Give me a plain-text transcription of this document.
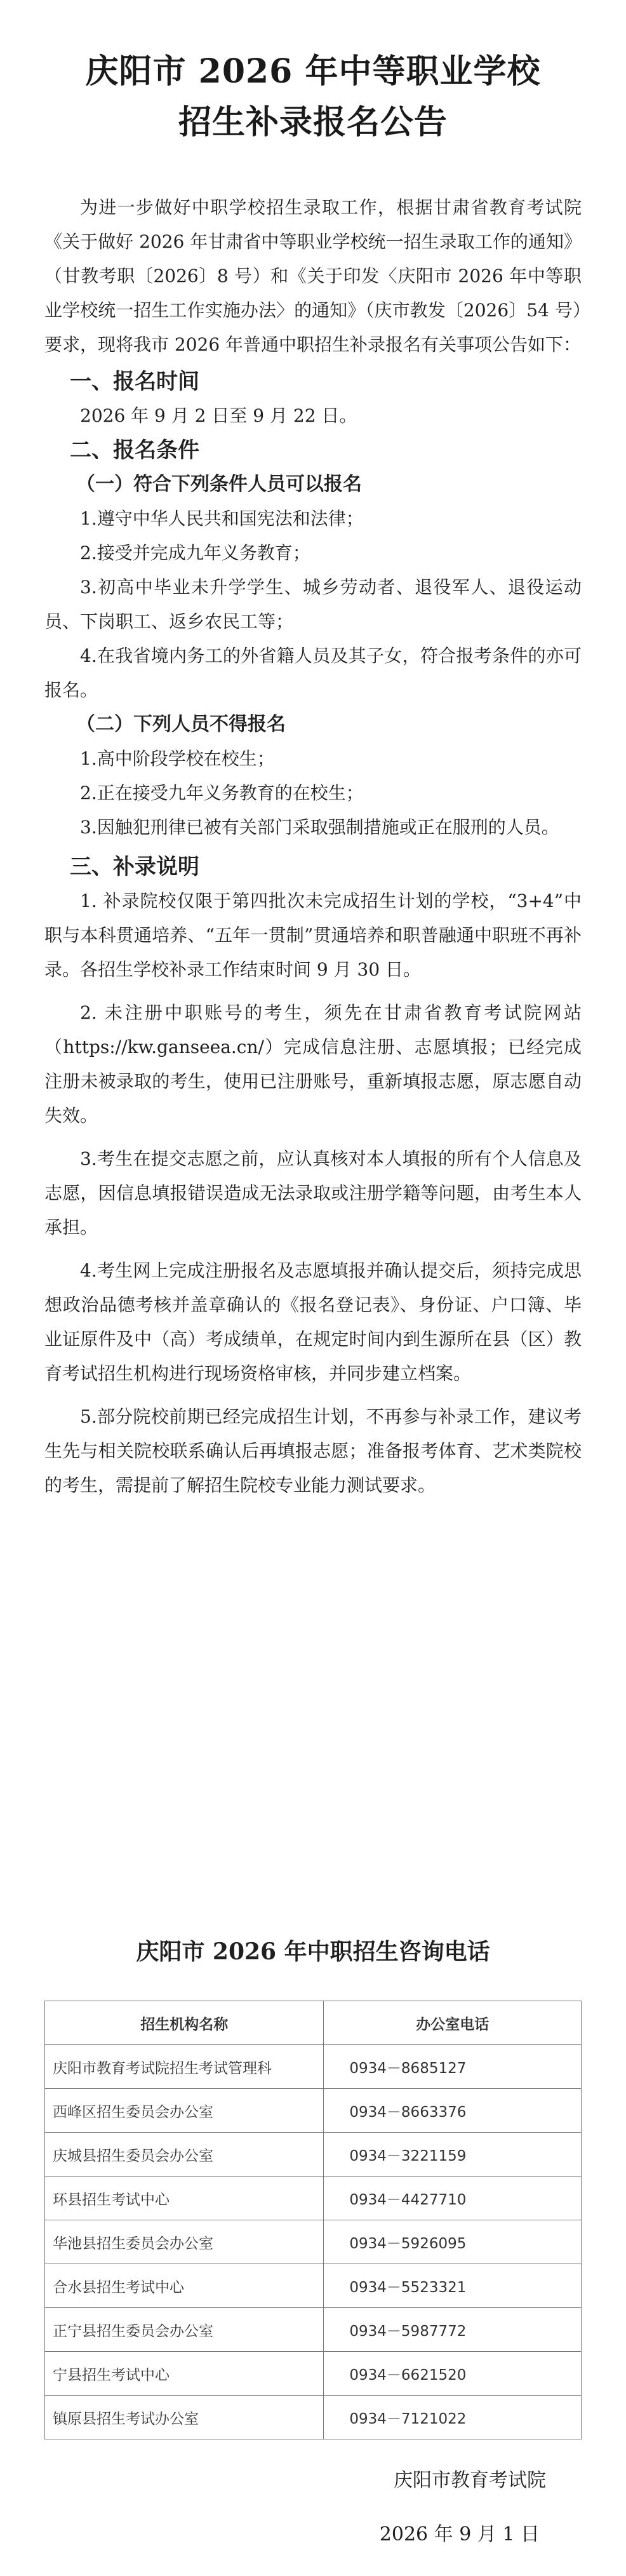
庆阳市 2026 年中等职业学校
招生补录报名公告

为进一步做好中职学校招生录取工作，根据甘肃省教育考试院《关于做好 2026 年甘肃省中等职业学校统一招生录取工作的通知》（甘教考职〔2026〕8 号）和《关于印发〈庆阳市 2026 年中等职业学校统一招生工作实施办法〉的通知》（庆市教发〔2026〕54 号）要求，现将我市 2026 年普通中职招生补录报名有关事项公告如下：

一、报名时间

2026 年 9 月 2 日至 9 月 22 日。

二、报名条件
（一）符合下列条件人员可以报名

1.遵守中华人民共和国宪法和法律；

2.接受并完成九年义务教育；

3.初高中毕业未升学学生、城乡劳动者、退役军人、退役运动员、下岗职工、返乡农民工等；

4.在我省境内务工的外省籍人员及其子女，符合报考条件的亦可报名。

（二）下列人员不得报名

1.高中阶段学校在校生；

2.正在接受九年义务教育的在校生；

3.因触犯刑律已被有关部门采取强制措施或正在服刑的人员。

三、补录说明

1. 补录院校仅限于第四批次未完成招生计划的学校，“3+4”中职与本科贯通培养、“五年一贯制”贯通培养和职普融通中职班不再补录。各招生学校补录工作结束时间 9 月 30 日。

2. 未注册中职账号的考生，须先在甘肃省教育考试院网站（https://kw.ganseea.cn/）完成信息注册、志愿填报；已经完成注册未被录取的考生，使用已注册账号，重新填报志愿，原志愿自动失效。

3.考生在提交志愿之前，应认真核对本人填报的所有个人信息及志愿，因信息填报错误造成无法录取或注册学籍等问题，由考生本人承担。

4.考生网上完成注册报名及志愿填报并确认提交后，须持完成思想政治品德考核并盖章确认的《报名登记表》、身份证、户口簿、毕业证原件及中（高）考成绩单，在规定时间内到生源所在县（区）教育考试招生机构进行现场资格审核，并同步建立档案。

5.部分院校前期已经完成招生计划，不再参与补录工作，建议考生先与相关院校联系确认后再填报志愿；准备报考体育、艺术类院校的考生，需提前了解招生院校专业能力测试要求。

庆阳市 2026 年中职招生咨询电话
招生机构名称	办公室电话
庆阳市教育考试院招生考试管理科	0934－8685127
西峰区招生委员会办公室	0934－8663376
庆城县招生委员会办公室	0934－3221159
环县招生考试中心	0934－4427710
华池县招生委员会办公室	0934－5926095
合水县招生考试中心	0934－5523321
正宁县招生委员会办公室	0934－5987772
宁县招生考试中心	0934－6621520
镇原县招生考试办公室	0934－7121022
庆阳市教育考试院
2026 年 9 月 1 日
